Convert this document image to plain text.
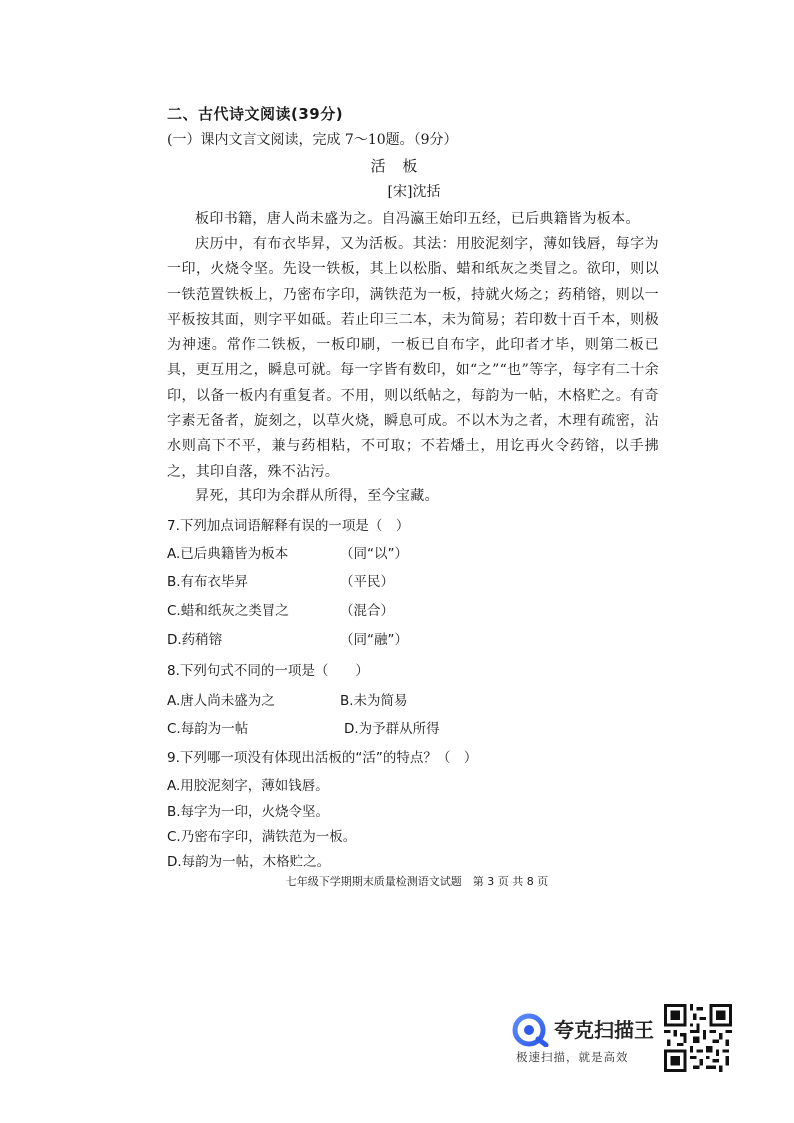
二、古代诗文阅读(39分)
(一）课内文言文阅读，完成 7～10题。（9分）
活 板
[宋]沈括
板印书籍，唐人尚未盛为之。自冯瀛王始印五经，已后典籍皆为板本。
庆历中，有布衣毕昇，又为活板。其法：用胶泥刻字，薄如钱唇，每字为一印，火烧令坚。先设一铁板，其上以松脂、蜡和纸灰之类冒之。欲印，则以一铁范置铁板上，乃密布字印，满铁范为一板，持就火炀之；药稍镕，则以一平板按其面，则字平如砥。若止印三二本，未为简易；若印数十百千本，则极为神速。常作二铁板，一板印刷，一板已自布字，此印者才毕，则第二板已具，更互用之，瞬息可就。每一字皆有数印，如“之”“也”等字，每字有二十余印，以备一板内有重复者。不用，则以纸帖之，每韵为一帖，木格贮之。有奇字素无备者，旋刻之，以草火烧，瞬息可成。不以木为之者，木理有疏密，沾水则高下不平，兼与药相粘，不可取；不若燔土，用讫再火令药镕，以手拂之，其印自落，殊不沾污。
昇死，其印为余群从所得，至今宝藏。
7.下列加点词语解释有误的一项是（　）
A.已后典籍皆为板本	（同“以”）
B.有布衣毕昇	（平民）
C.蜡和纸灰之类冒之	（混合）
D.药稍镕	（同“融”）
8.下列句式不同的一项是（　　）
A.唐人尚未盛为之	B.未为简易
C.每韵为一帖	D.为予群从所得
9.下列哪一项没有体现出活板的“活”的特点？（　）
A.用胶泥刻字，薄如钱唇。
B.每字为一印，火烧令坚。
C.乃密布字印，满铁范为一板。
D.每韵为一帖，木格贮之。
七年级下学期期末质量检测语文试题　第 3 页 共 8 页
夸克扫描王
极速扫描，就是高效
